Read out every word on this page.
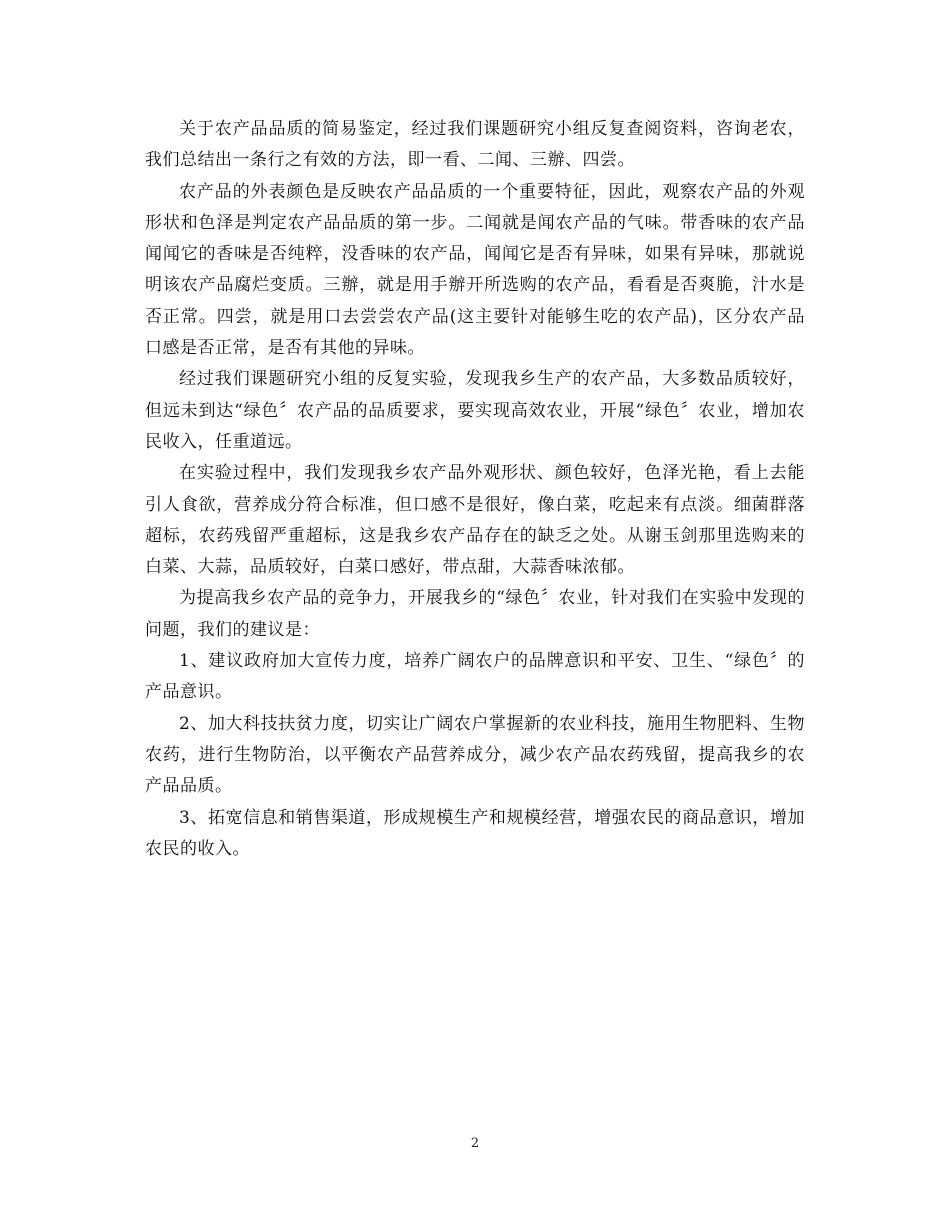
关于农产品品质的简易鉴定，经过我们课题研究小组反复查阅资料，咨询老农，我们总结出一条行之有效的方法，即一看、二闻、三辦、四尝。

农产品的外表颜色是反映农产品品质的一个重要特征，因此，观察农产品的外观形状和色泽是判定农产品品质的第一步。二闻就是闻农产品的气味。带香味的农产品闻闻它的香味是否纯粹，没香味的农产品，闻闻它是否有异味，如果有异味，那就说明该农产品腐烂变质。三辦，就是用手辦开所选购的农产品，看看是否爽脆，汁水是否正常。四尝，就是用口去尝尝农产品(这主要针对能够生吃的农产品)，区分农产品口感是否正常，是否有其他的异味。

经过我们课题研究小组的反复实验，发现我乡生产的农产品，大多数品质较好，但远未到达“绿色〞农产品的品质要求，要实现高效农业，开展“绿色〞农业，增加农民收入，任重道远。

在实验过程中，我们发现我乡农产品外观形状、颜色较好，色泽光艳，看上去能引人食欲，营养成分符合标准，但口感不是很好，像白菜，吃起来有点淡。细菌群落超标，农药残留严重超标，这是我乡农产品存在的缺乏之处。从谢玉剑那里选购来的白菜、大蒜，品质较好，白菜口感好，带点甜，大蒜香味浓郁。

为提高我乡农产品的竞争力，开展我乡的“绿色〞农业，针对我们在实验中发现的问题，我们的建议是：

1、建议政府加大宣传力度，培养广阔农户的品牌意识和平安、卫生、“绿色〞的产品意识。

2、加大科技扶贫力度，切实让广阔农户掌握新的农业科技，施用生物肥料、生物农药，进行生物防治，以平衡农产品营养成分，减少农产品农药残留，提高我乡的农产品品质。

3、拓宽信息和销售渠道，形成规模生产和规模经营，增强农民的商品意识，增加农民的收入。

2
